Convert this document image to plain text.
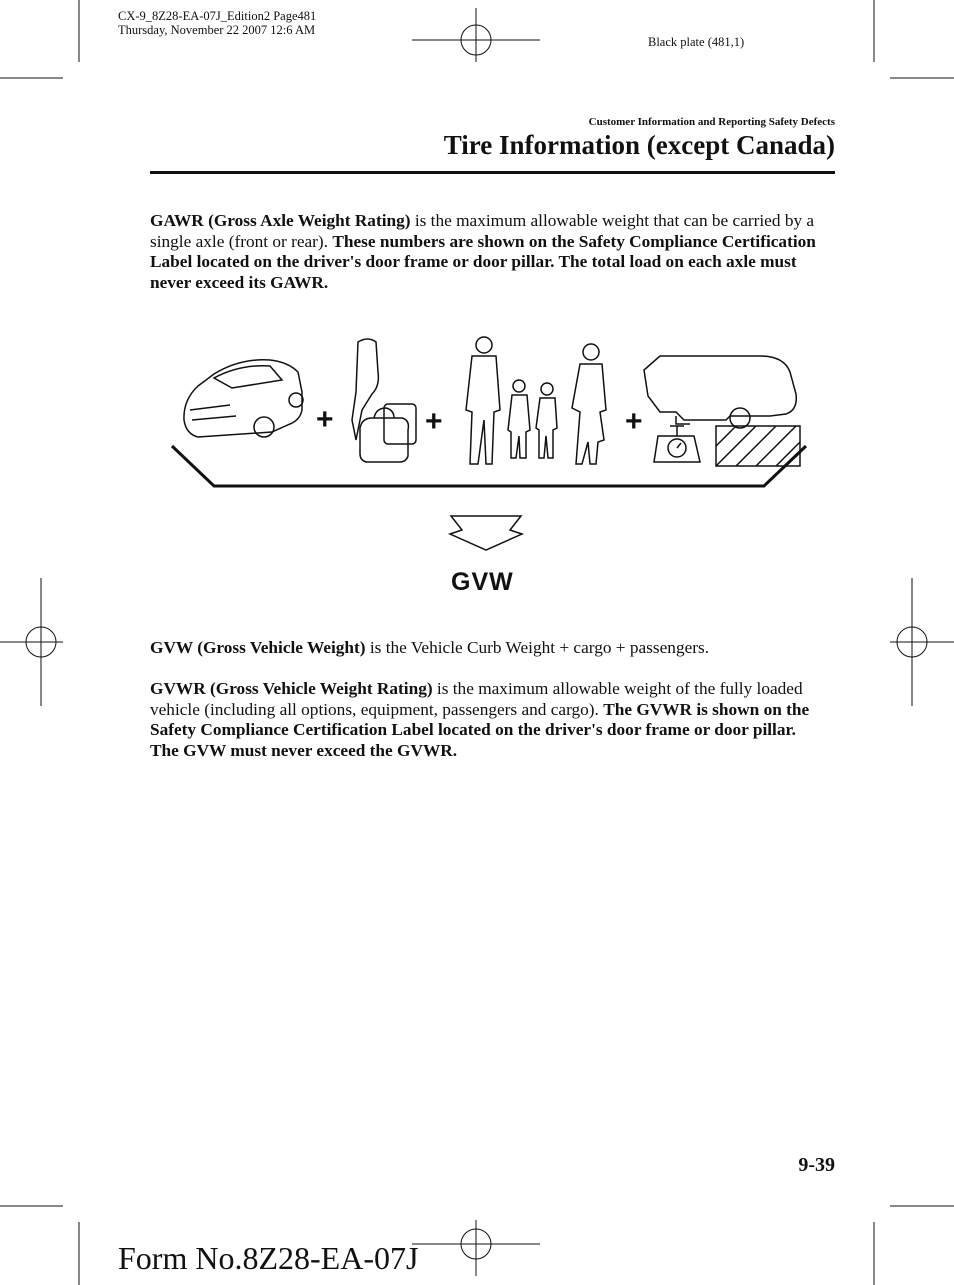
CX-9_8Z28-EA-07J_Edition2 Page481
Thursday, November 22 2007 12:6 AM
Black plate (481,1)
Customer Information and Reporting Safety Defects
Tire Information (except Canada)
GAWR (Gross Axle Weight Rating) is the maximum allowable weight that can be carried by a single axle (front or rear). These numbers are shown on the Safety Compliance Certification Label located on the driver's door frame or door pillar. The total load on each axle must never exceed its GAWR.
+	+	+
GVW
GVW (Gross Vehicle Weight) is the Vehicle Curb Weight + cargo + passengers.
GVWR (Gross Vehicle Weight Rating) is the maximum allowable weight of the fully loaded vehicle (including all options, equipment, passengers and cargo). The GVWR is shown on the Safety Compliance Certification Label located on the driver's door frame or door pillar. The GVW must never exceed the GVWR.
9-39
Form No.8Z28-EA-07J
